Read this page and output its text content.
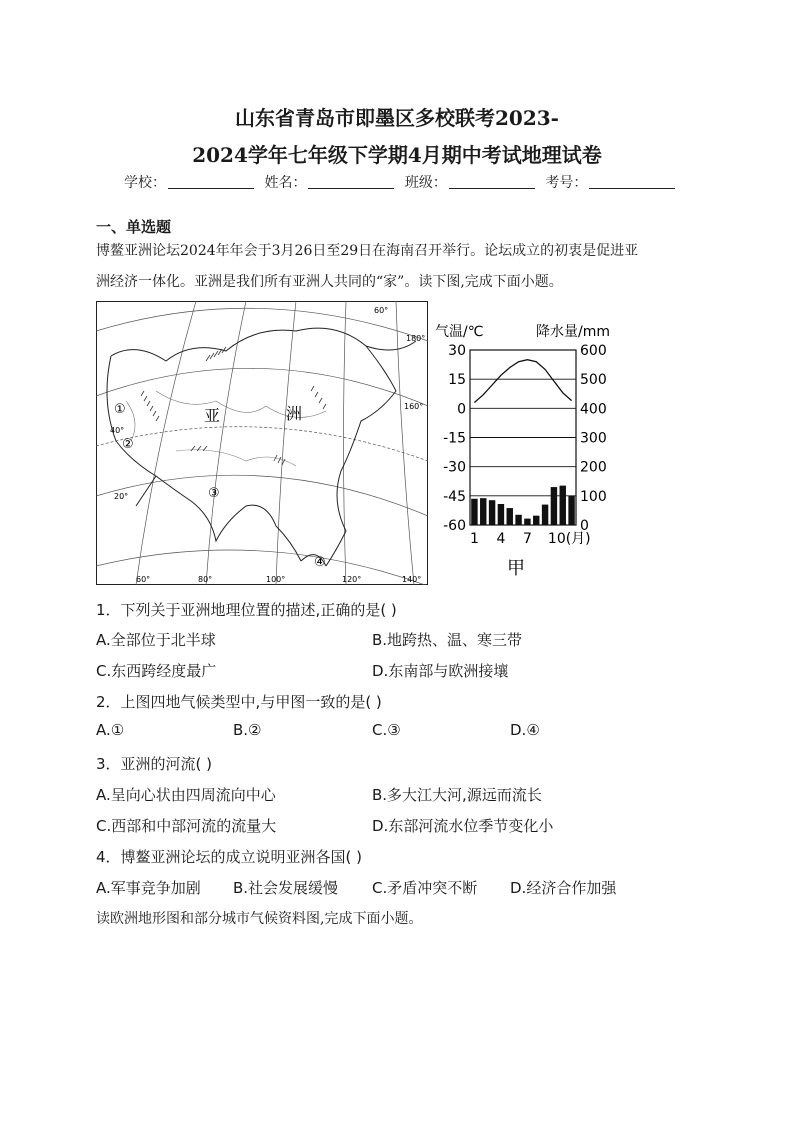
山东省青岛市即墨区多校联考2023-
2024学年七年级下学期4月期中考试地理试卷
学校：	姓名：	班级：	考号：
一、单选题
博鳌亚洲论坛2024年年会于3月26日至29日在海南召开举行。论坛成立的初衷是促进亚
洲经济一体化。亚洲是我们所有亚洲人共同的“家”。读下图,完成下面小题。
亚	洲
①
②
③
④
60°
40°
20°
60°	80°	100°	120°	140°
180°
160°
气温/℃	降水量/mm
30
15
0
-15
-30
-45
-60
600
500
400
300
200
100
0
1 4 7 10(月)
甲
1．下列关于亚洲地理位置的描述,正确的是( )
A.全部位于北半球	B.地跨热、温、寒三带
C.东西跨经度最广	D.东南部与欧洲接壤
2．上图四地气候类型中,与甲图一致的是( )
A.①	B.②	C.③	D.④
3．亚洲的河流( )
A.呈向心状由四周流向中心	B.多大江大河,源远而流长
C.西部和中部河流的流量大	D.东部河流水位季节变化小
4．博鳌亚洲论坛的成立说明亚洲各国( )
A.军事竞争加剧 B.社会发展缓慢 C.矛盾冲突不断 D.经济合作加强
读欧洲地形图和部分城市气候资料图,完成下面小题。
